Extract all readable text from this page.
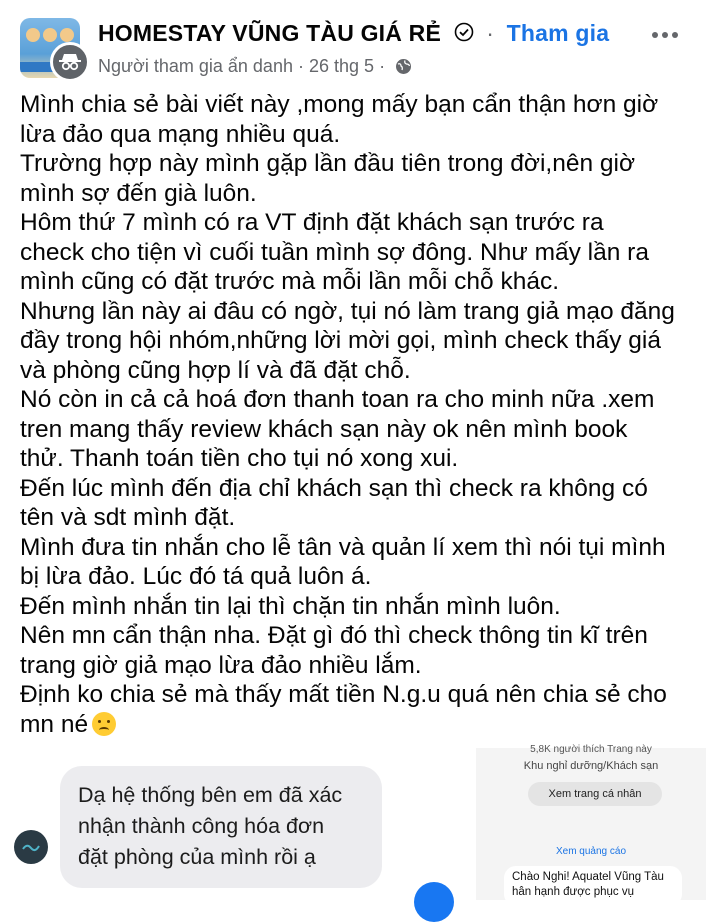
HOMESTAY VŨNG TÀU GIÁ RẺ · Tham gia
Người tham gia ẩn danh · 26 thg 5 ·
Mình chia sẻ bài viết này ,mong mấy bạn cẩn thận hơn giờ
lừa đảo qua mạng nhiều quá.
Trường hợp này mình gặp lần đầu tiên trong đời,nên giờ
mình sợ đến già luôn.
Hôm thứ 7 mình có ra VT định đặt khách sạn trước ra
check cho tiện vì cuối tuần mình sợ đông. Như mấy lần ra
mình cũng có đặt trước mà mỗi lần mỗi chỗ khác.
Nhưng lần này ai đâu có ngờ, tụi nó làm trang giả mạo đăng
đầy trong hội nhóm,những lời mời gọi, mình check thấy giá
và phòng cũng hợp lí và đã đặt chỗ.
Nó còn in cả cả hoá đơn thanh toan ra cho minh nữa .xem
tren mang thấy review khách sạn này ok nên mình book
thử. Thanh toán tiền cho tụi nó xong xui.
Đến lúc mình đến địa chỉ khách sạn thì check ra không có
tên và sdt mình đặt.
Mình đưa tin nhắn cho lễ tân và quản lí xem thì nói tụi mình
bị lừa đảo. Lúc đó tá quả luôn á.
Đến mình nhắn tin lại thì chặn tin nhắn mình luôn.
Nên mn cẩn thận nha. Đặt gì đó thì check thông tin kĩ trên
trang giờ giả mạo lừa đảo nhiều lắm.
Định ko chia sẻ mà thấy mất tiền N.g.u quá nên chia sẻ cho
mn né
Dạ hệ thống bên em đã xác
nhận thành công hóa đơn
đặt phòng của mình rồi ạ
5,8K người thích Trang này
Khu nghỉ dưỡng/Khách sạn
Xem trang cá nhân
Xem quảng cáo
Chào Nghi! Aquatel Vũng Tàu hân hạnh được phục vụ
